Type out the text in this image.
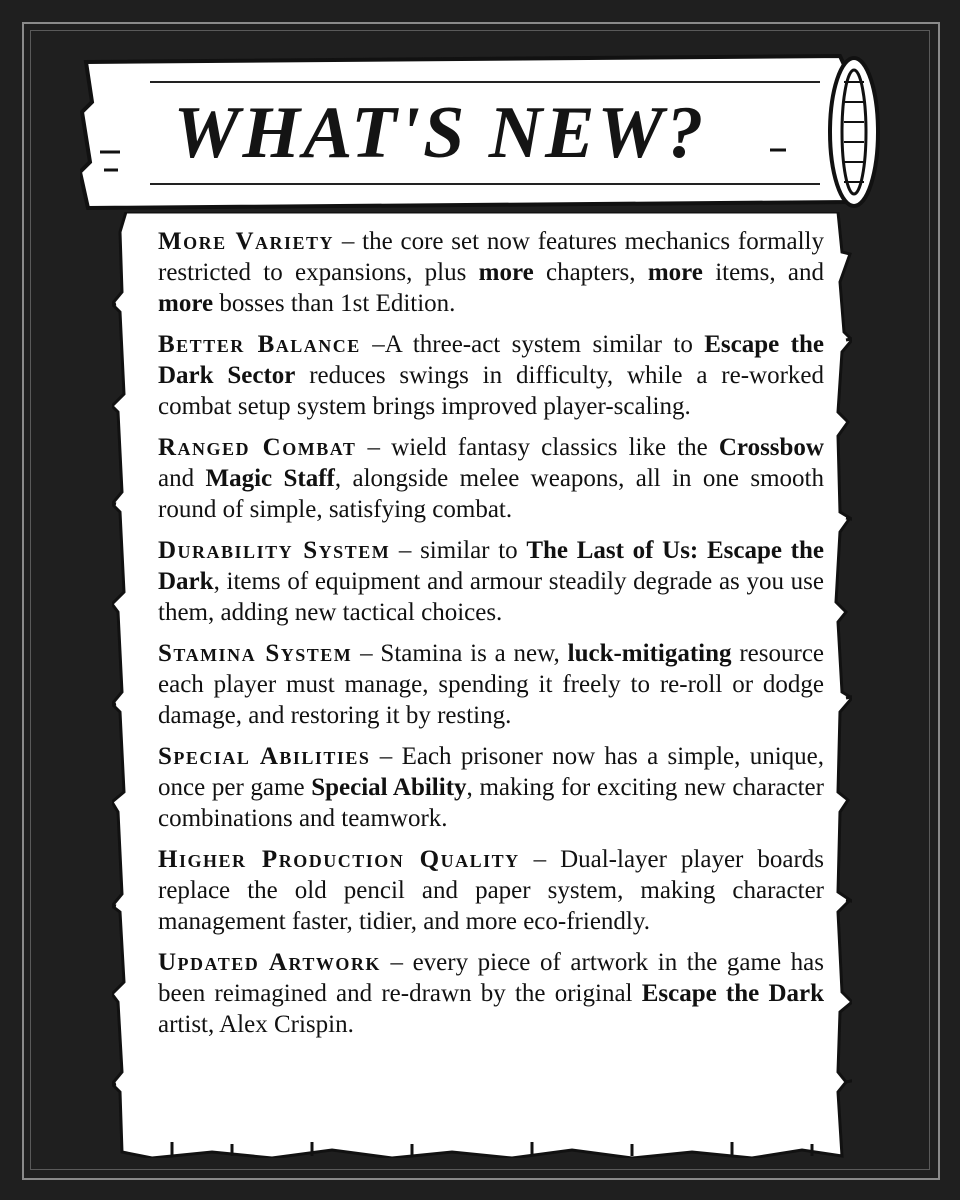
WHAT'S NEW?

More Variety – the core set now features mechanics formally restricted to expansions, plus more chapters, more items, and more bosses than 1st Edition.

Better Balance –A three-act system similar to Escape the Dark Sector reduces swings in difficulty, while a re-worked combat setup system brings improved player-scaling.

Ranged Combat – wield fantasy classics like the Crossbow and Magic Staff, alongside melee weapons, all in one smooth round of simple, satisfying combat.

Durability System – similar to The Last of Us: Escape the Dark, items of equipment and armour steadily degrade as you use them, adding new tactical choices.

Stamina System – Stamina is a new, luck-mitigating resource each player must manage, spending it freely to re-roll or dodge damage, and restoring it by resting.

Special Abilities – Each prisoner now has a simple, unique, once per game Special Ability, making for exciting new character combinations and teamwork.

Higher Production Quality – Dual-layer player boards replace the old pencil and paper system, making character management faster, tidier, and more eco-friendly.

Updated Artwork – every piece of artwork in the game has been reimagined and re-drawn by the original Escape the Dark artist, Alex Crispin.
